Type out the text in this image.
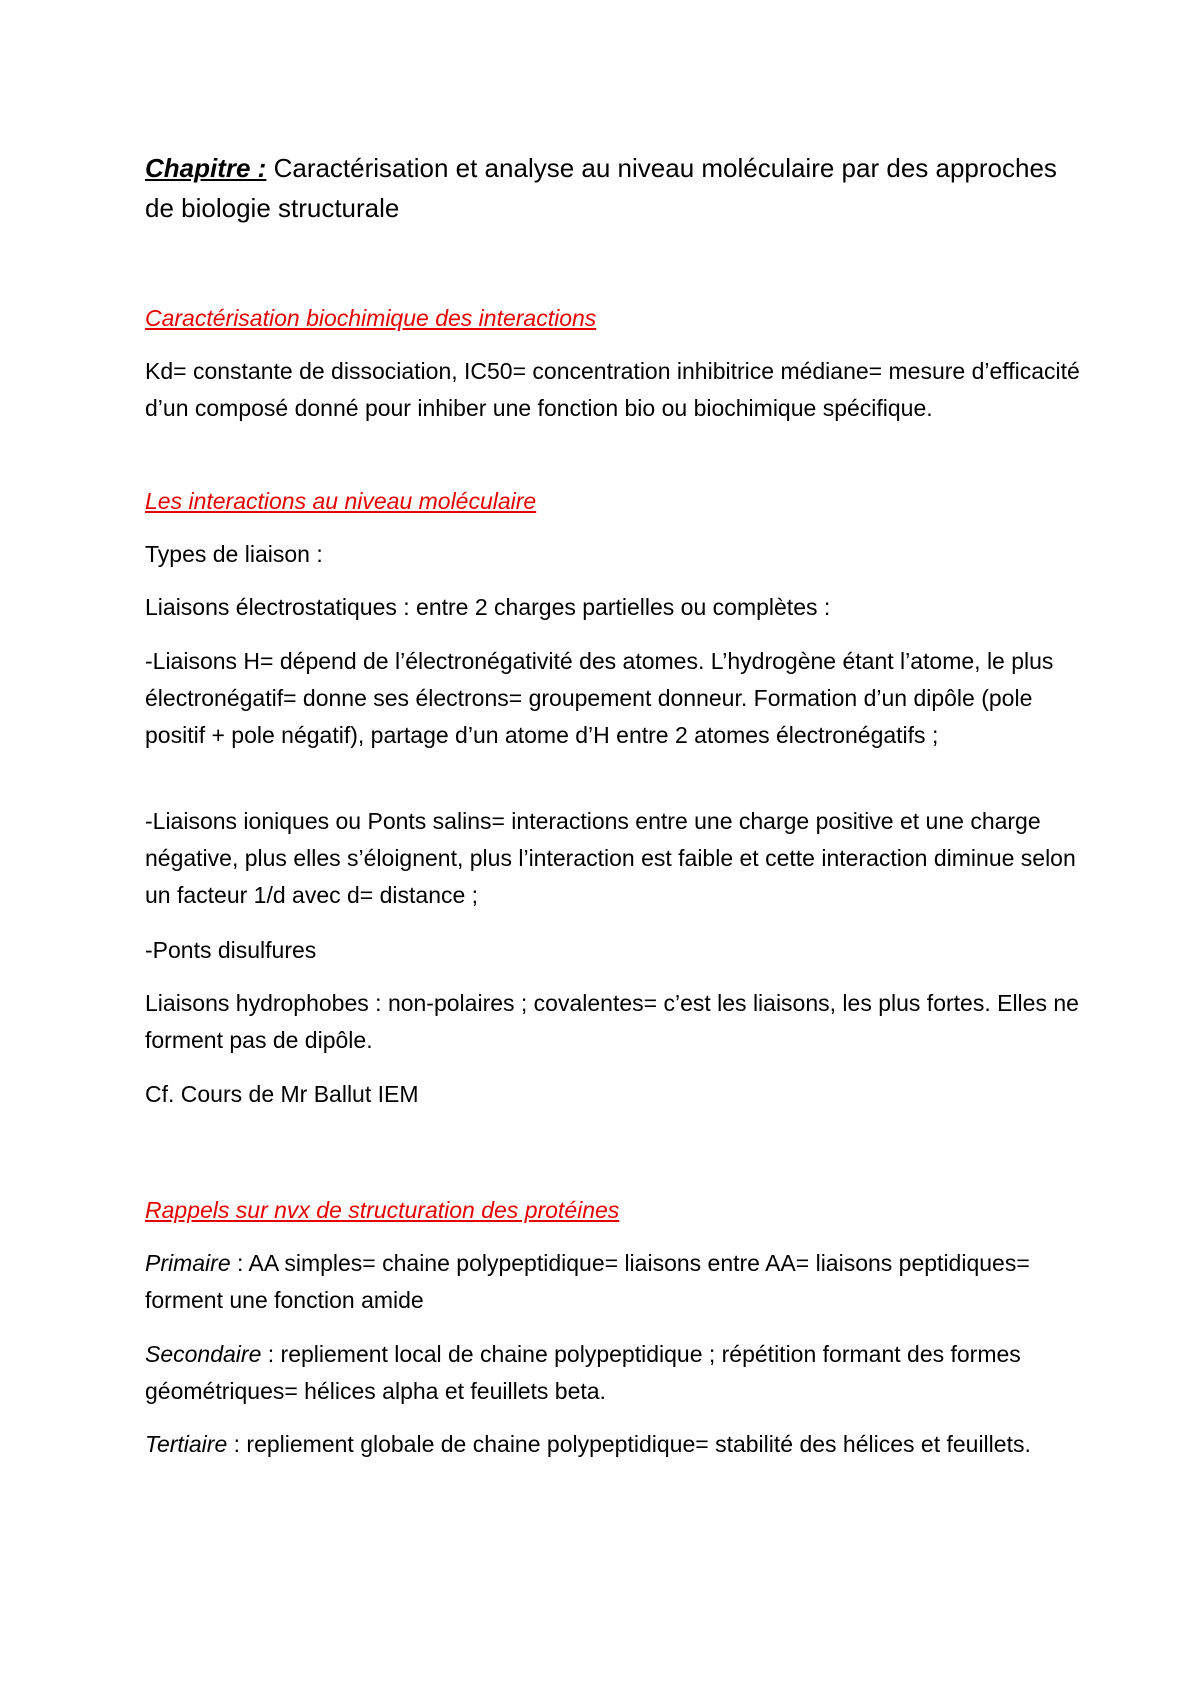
Chapitre : Caractérisation et analyse au niveau moléculaire par des approches de biologie structurale
Caractérisation biochimique des interactions
Kd= constante de dissociation, IC50= concentration inhibitrice médiane= mesure d’efficacité d’un composé donné pour inhiber une fonction bio ou biochimique spécifique.
Les interactions au niveau moléculaire
Types de liaison :
Liaisons électrostatiques : entre 2 charges partielles ou complètes :
-Liaisons H= dépend de l’électronégativité des atomes. L’hydrogène étant l’atome, le plus électronégatif= donne ses électrons= groupement donneur. Formation d’un dipôle (pole positif + pole négatif), partage d’un atome d’H entre 2 atomes électronégatifs ;
-Liaisons ioniques ou Ponts salins= interactions entre une charge positive et une charge négative, plus elles s’éloignent, plus l’interaction est faible et cette interaction diminue selon un facteur 1/d avec d= distance ;
-Ponts disulfures
Liaisons hydrophobes : non-polaires ; covalentes= c’est les liaisons, les plus fortes. Elles ne forment pas de dipôle.
Cf. Cours de Mr Ballut IEM
Rappels sur nvx de structuration des protéines
Primaire : AA simples= chaine polypeptidique= liaisons entre AA= liaisons peptidiques= forment une fonction amide
Secondaire : repliement local de chaine polypeptidique ; répétition formant des formes géométriques= hélices alpha et feuillets beta.
Tertiaire : repliement globale de chaine polypeptidique= stabilité des hélices et feuillets.
